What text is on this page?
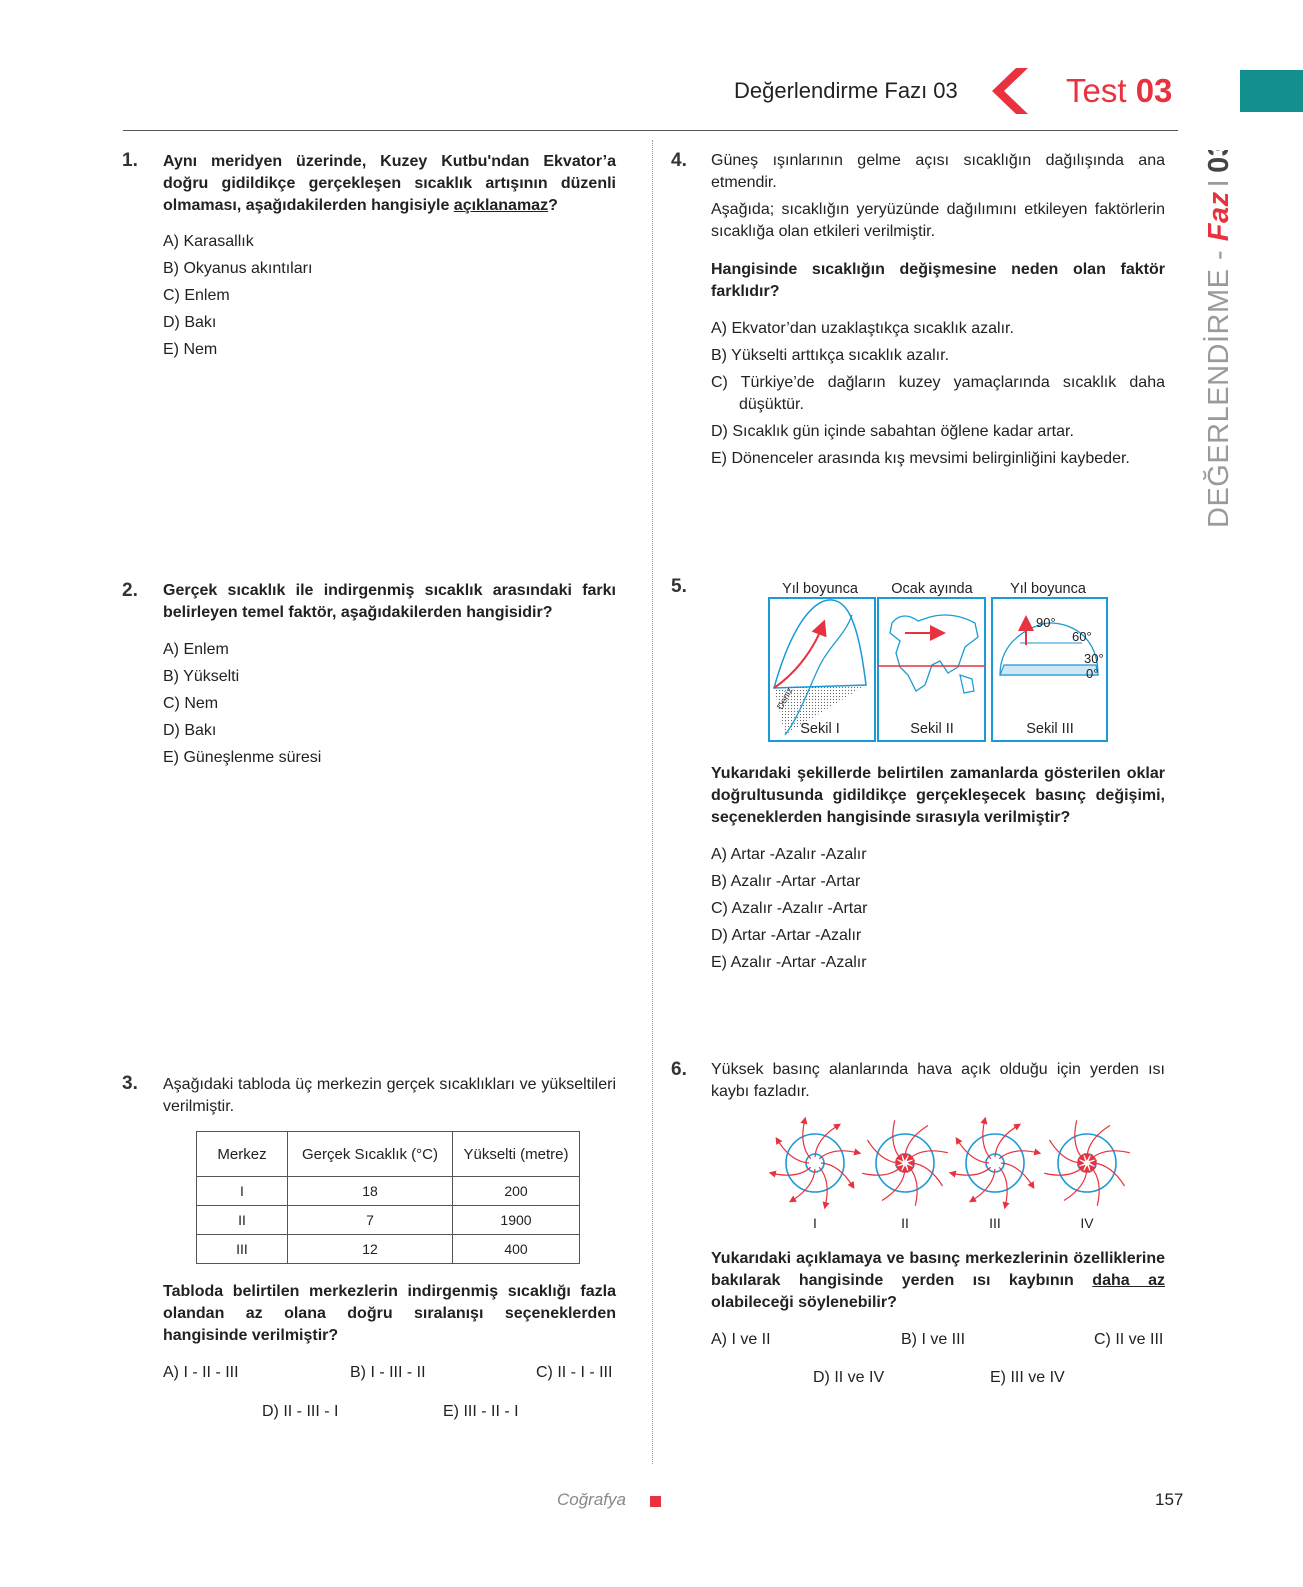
Değerlendirme Fazı 03	Test 03
DEĞERLENDİRME - FazI03
1. Aynı meridyen üzerinde, Kuzey Kutbu'ndan Ekvator’a doğru gidildikçe gerçekleşen sıcaklık artışının düzenli olmaması, aşağıdakilerden hangisiyle açıklanamaz?
A) Karasallık
B) Okyanus akıntıları
C) Enlem
D) Bakı
E) Nem
2. Gerçek sıcaklık ile indirgenmiş sıcaklık arasındaki farkı belirleyen temel faktör, aşağıdakilerden hangisidir?
A) Enlem
B) Yükselti
C) Nem
D) Bakı
E) Güneşlenme süresi
3. Aşağıdaki tabloda üç merkezin gerçek sıcaklıkları ve yükseltileri verilmiştir.
Merkez	Gerçek Sıcaklık (°C)	Yükselti (metre)
I	18	200
II	7	1900
III	12	400
Tabloda belirtilen merkezlerin indirgenmiş sıcaklığı fazla olandan az olana doğru sıralanışı seçeneklerden hangisinde verilmiştir?
A) I - II - III	B) I - III - II	C) II - I - III
D) II - III - I	E) III - II - I
4. Güneş ışınlarının gelme açısı sıcaklığın dağılışında ana etmendir.
Aşağıda; sıcaklığın yeryüzünde dağılımını etkileyen faktörlerin sıcaklığa olan etkileri verilmiştir.
Hangisinde sıcaklığın değişmesine neden olan faktör farklıdır?
A) Ekvator’dan uzaklaştıkça sıcaklık azalır.
B) Yükselti arttıkça sıcaklık azalır.
C) Türkiye’de dağların kuzey yamaçlarında sıcaklık daha düşüktür.
D) Sıcaklık gün içinde sabahtan öğlene kadar artar.
E) Dönenceler arasında kış mevsimi belirginliğini kaybeder.
5.	Yıl boyunca Ocak ayında	Yıl boyunca
Deniz
Sekil I	Sekil II
90°
60°
30°
0°
Sekil III
Yukarıdaki şekillerde belirtilen zamanlarda gösterilen oklar doğrultusunda gidildikçe gerçekleşecek basınç değişimi, seçeneklerden hangisinde sırasıyla verilmiştir?
A) Artar -Azalır -Azalır
B) Azalır -Artar -Artar
C) Azalır -Azalır -Artar
D) Artar -Artar -Azalır
E) Azalır -Artar -Azalır
6. Yüksek basınç alanlarında hava açık olduğu için yerden ısı kaybı fazladır.
I	II	III	IV
Yukarıdaki açıklamaya ve basınç merkezlerinin özelliklerine bakılarak hangisinde yerden ısı kaybının daha az olabileceği söylenebilir?
A) I ve II	B) I ve III	C) II ve III
D) II ve IV	E) III ve IV
Coğrafya	157
